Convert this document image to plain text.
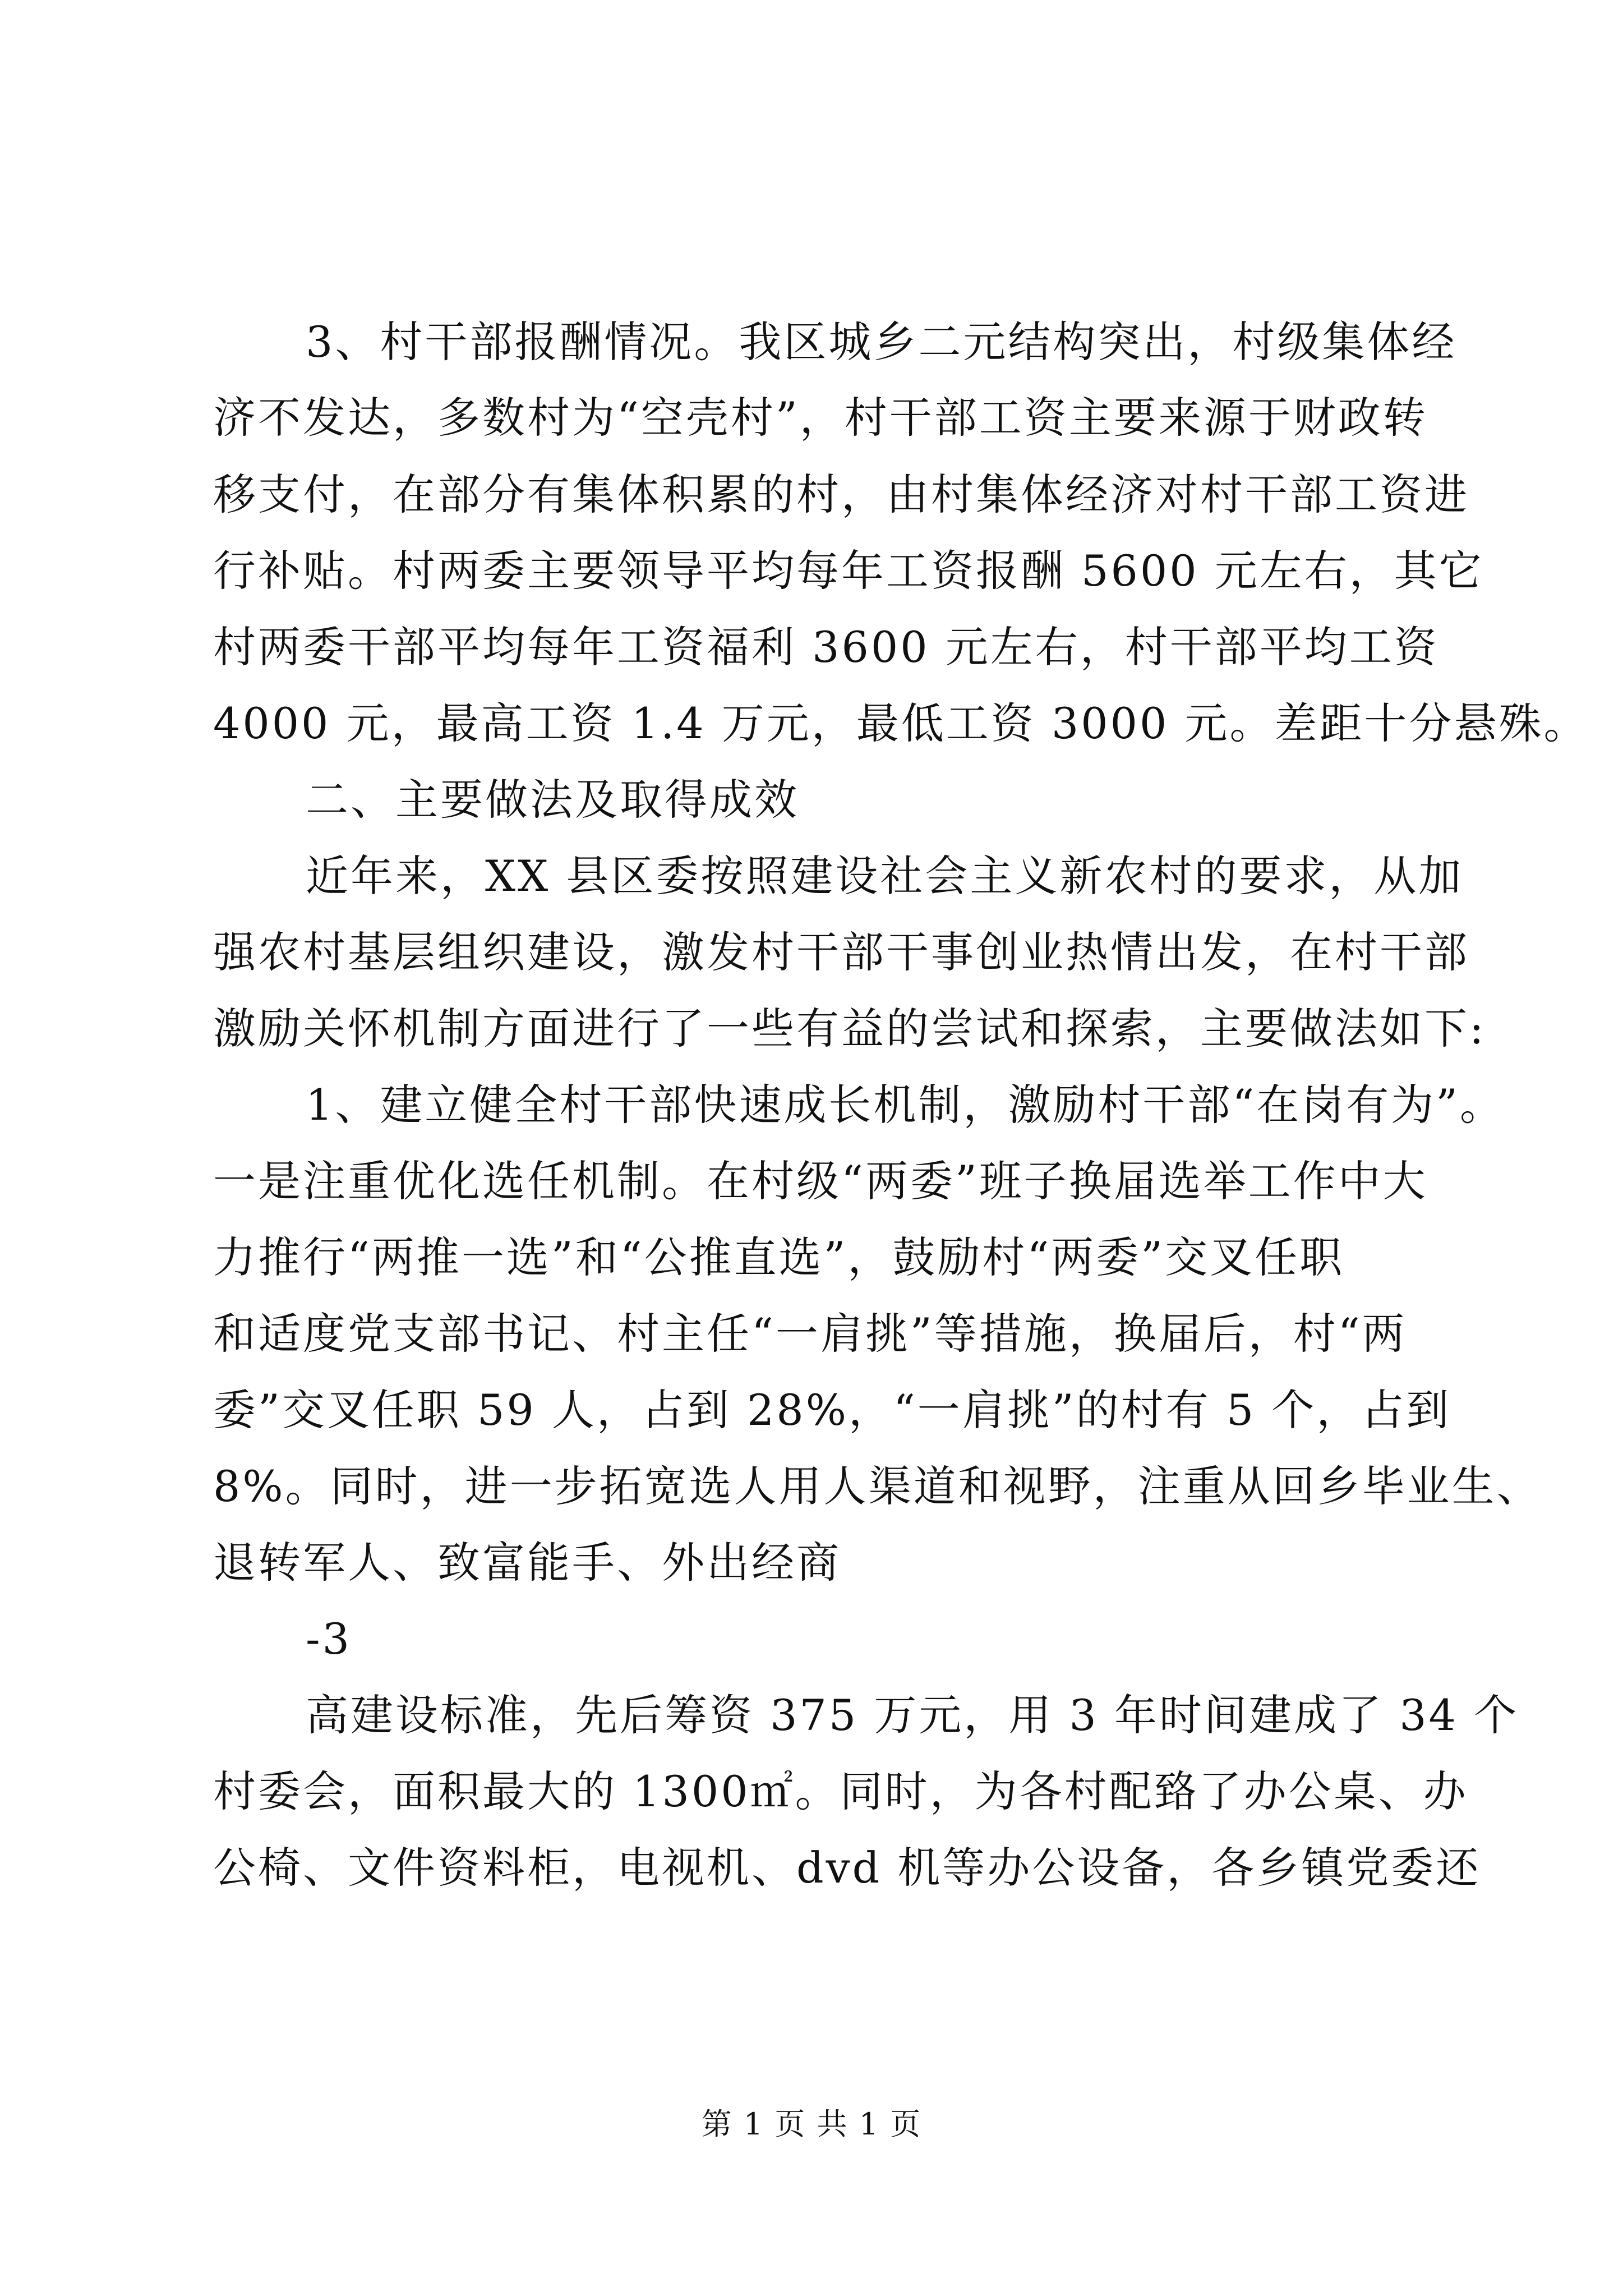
3、村干部报酬情况。我区城乡二元结构突出，村级集体经
济不发达，多数村为“空壳村”，村干部工资主要来源于财政转
移支付，在部分有集体积累的村，由村集体经济对村干部工资进
行补贴。村两委主要领导平均每年工资报酬 5600 元左右，其它
村两委干部平均每年工资福利 3600 元左右，村干部平均工资
4000 元，最高工资 1.4 万元，最低工资 3000 元。差距十分悬殊。
二、主要做法及取得成效
近年来，XX 县区委按照建设社会主义新农村的要求，从加
强农村基层组织建设，激发村干部干事创业热情出发，在村干部
激励关怀机制方面进行了一些有益的尝试和探索，主要做法如下:
1、建立健全村干部快速成长机制，激励村干部“在岗有为”。
一是注重优化选任机制。在村级“两委”班子换届选举工作中大
力推行“两推一选”和“公推直选”，鼓励村“两委”交叉任职
和适度党支部书记、村主任“一肩挑”等措施，换届后，村“两
委”交叉任职 59 人，占到 28%，“一肩挑”的村有 5 个，占到
8%。同时，进一步拓宽选人用人渠道和视野，注重从回乡毕业生、
退转军人、致富能手、外出经商
-3
高建设标准，先后筹资 375 万元，用 3 年时间建成了 34 个
村委会，面积最大的 1300㎡。同时，为各村配臵了办公桌、办
公椅、文件资料柜，电视机、dvd 机等办公设备，各乡镇党委还
第 1 页 共 1 页
